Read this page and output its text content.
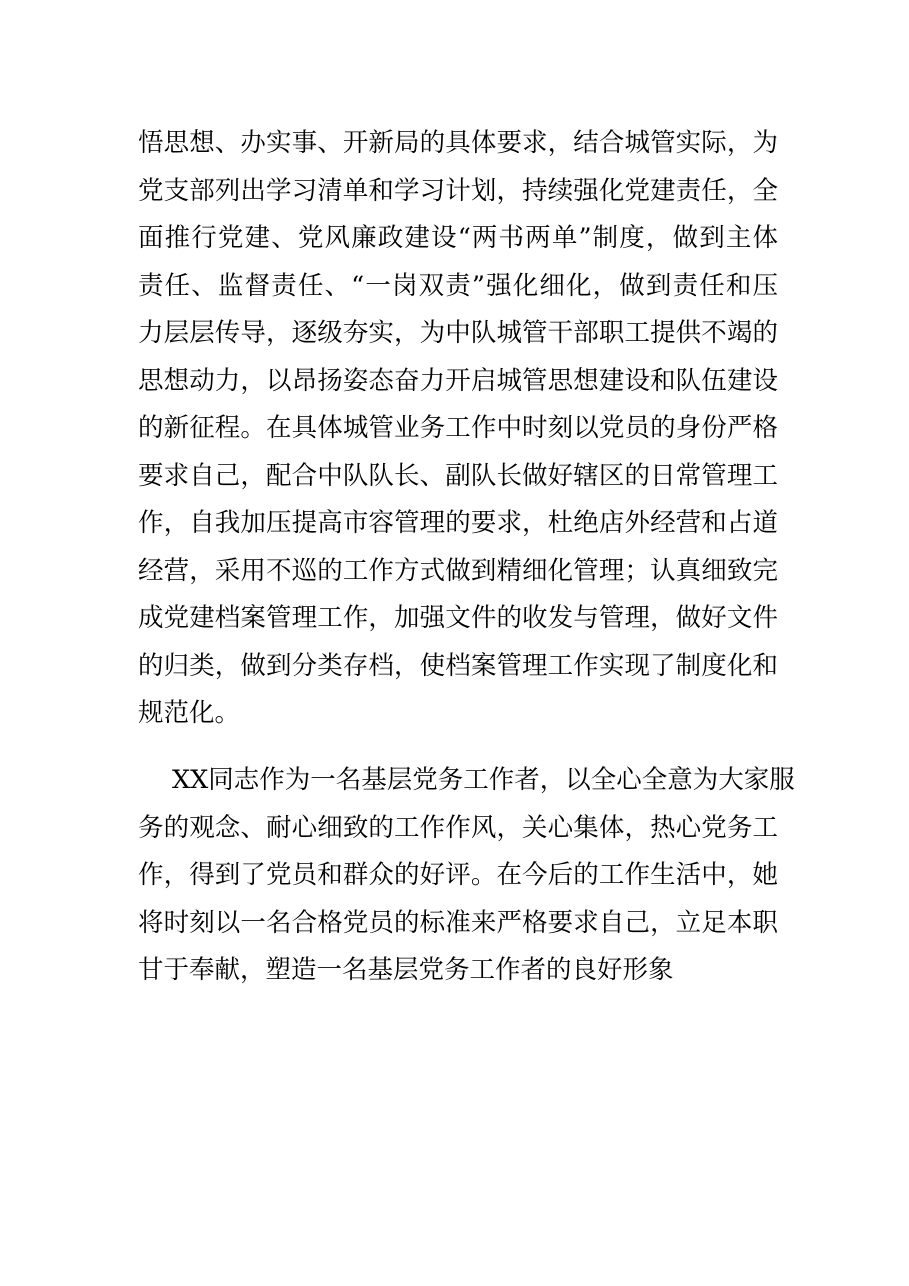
悟思想、办实事、开新局的具体要求，结合城管实际，为
党支部列出学习清单和学习计划，持续强化党建责任，全
面推行党建、党风廉政建设“两书两单”制度，做到主体
责任、监督责任、“一岗双责”强化细化，做到责任和压
力层层传导，逐级夯实，为中队城管干部职工提供不竭的
思想动力，以昂扬姿态奋力开启城管思想建设和队伍建设
的新征程。在具体城管业务工作中时刻以党员的身份严格
要求自己，配合中队队长、副队长做好辖区的日常管理工
作，自我加压提高市容管理的要求，杜绝店外经营和占道
经营，采用不巡的工作方式做到精细化管理；认真细致完
成党建档案管理工作，加强文件的收发与管理，做好文件
的归类，做到分类存档，使档案管理工作实现了制度化和
规范化。

XX同志作为一名基层党务工作者，以全心全意为大家服
务的观念、耐心细致的工作作风，关心集体，热心党务工
作，得到了党员和群众的好评。在今后的工作生活中，她
将时刻以一名合格党员的标准来严格要求自己，立足本职
甘于奉献，塑造一名基层党务工作者的良好形象
